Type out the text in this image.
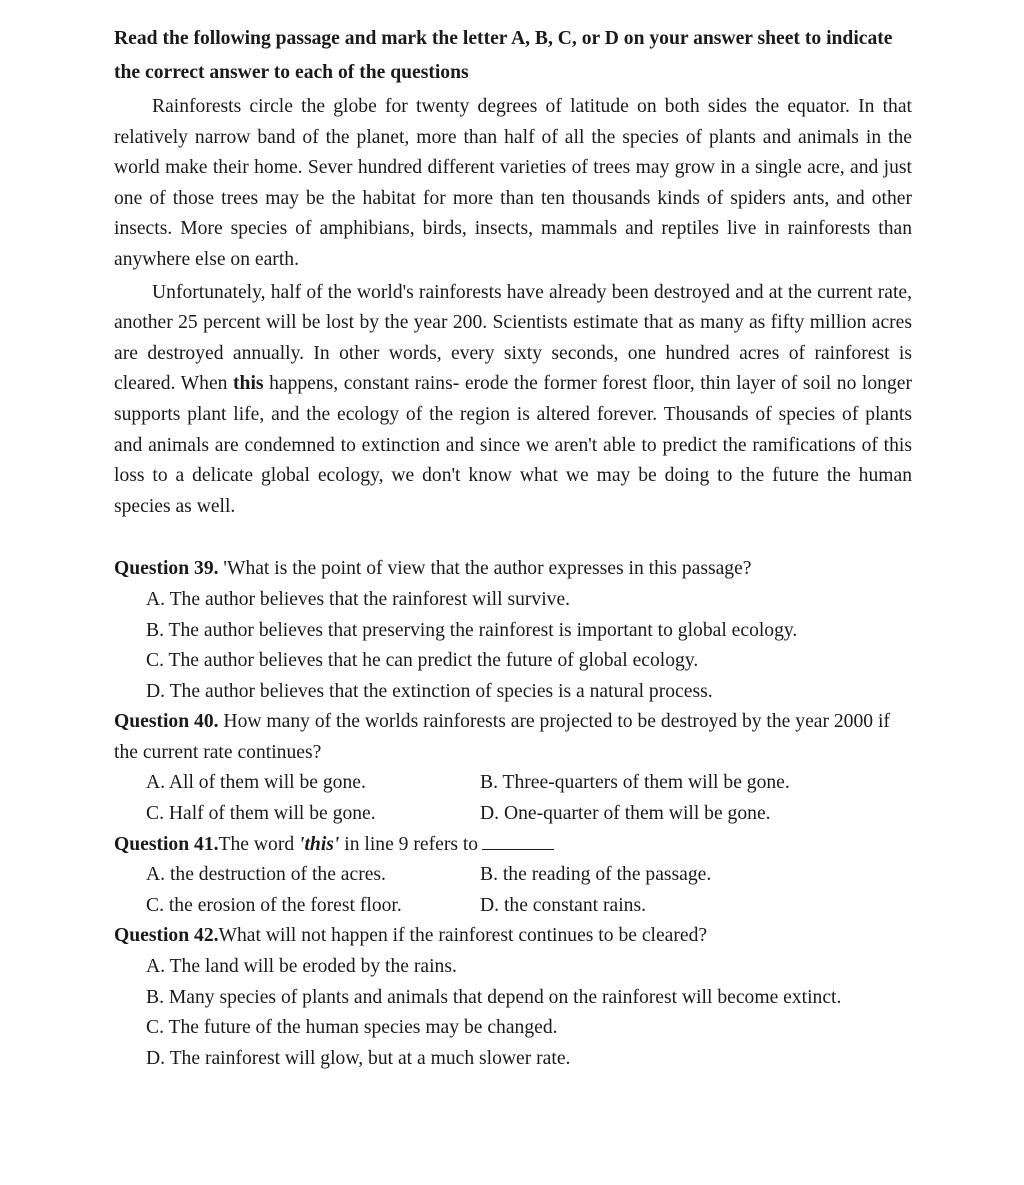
Read the following passage and mark the letter A, B, C, or D on your answer sheet to indicate the correct answer to each of the questions

Rainforests circle the globe for twenty degrees of latitude on both sides the equator. In that relatively narrow band of the planet, more than half of all the species of plants and animals in the world make their home. Sever hundred different varieties of trees may grow in a single acre, and just one of those trees may be the habitat for more than ten thousands kinds of spiders ants, and other insects. More species of amphibians, birds, insects, mammals and reptiles live in rainforests than anywhere else on earth.

Unfortunately, half of the world's rainforests have already been destroyed and at the current rate, another 25 percent will be lost by the year 200. Scientists estimate that as many as fifty million acres are destroyed annually. In other words, every sixty seconds, one hundred acres of rainforest is cleared. When this happens, constant rains- erode the former forest floor, thin layer of soil no longer supports plant life, and the ecology of the region is altered forever. Thousands of species of plants and animals are condemned to extinction and since we aren't able to predict the ramifications of this loss to a delicate global ecology, we don't know what we may be doing to the future the human species as well.

Question 39. 'What is the point of view that the author expresses in this passage?

A. The author believes that the rainforest will survive.

B. The author believes that preserving the rainforest is important to global ecology.

C. The author believes that he can predict the future of global ecology.

D. The author believes that the extinction of species is a natural process.

Question 40. How many of the worlds rainforests are projected to be destroyed by the year 2000 if the current rate continues?

A. All of them will be gone.	B. Three-quarters of them will be gone.
C. Half of them will be gone.	D. One-quarter of them will be gone.

Question 41.The word 'this' in line 9 refers to

A. the destruction of the acres.	B. the reading of the passage.
C. the erosion of the forest floor.	D. the constant rains.

Question 42.What will not happen if the rainforest continues to be cleared?

A. The land will be eroded by the rains.

B. Many species of plants and animals that depend on the rainforest will become extinct.

C. The future of the human species may be changed.

D. The rainforest will glow, but at a much slower rate.
